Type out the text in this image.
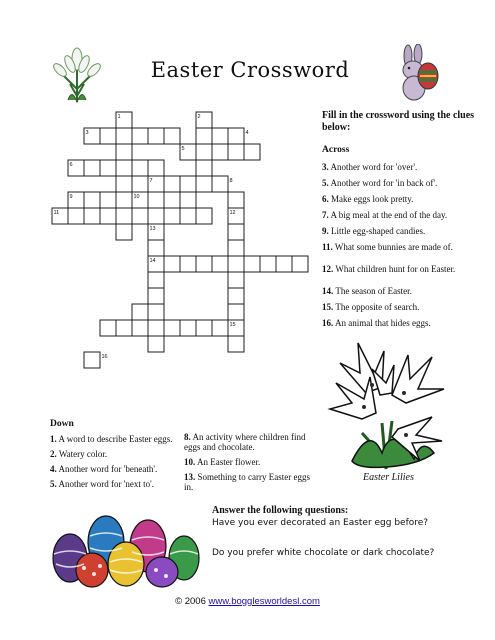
Easter Crossword
1	2
3	4
5
6
7	8
9	10
11	12
13
14
15
16
Fill in the crossword using the clues below:
Across
3. Another word for 'over'.
5. Another word for 'in back of'.
6. Make eggs look pretty.
7. A big meal at the end of the day.
9. Little egg-shaped candies.
11. What some bunnies are made of.
12. What children hunt for on Easter.
14. The season of Easter.
15. The opposite of search.
16. An animal that hides eggs.
Easter Lilies
Down
1. A word to describe Easter eggs.
2. Watery color.
4. Another word for 'beneath'.
5. Another word for 'next to'.
8. An activity where children find eggs and chocolate.
10. An Easter flower.
13. Something to carry Easter eggs in.
Answer the following questions:
Have you ever decorated an Easter egg before?
Do you prefer white chocolate or dark chocolate?
© 2006 www.bogglesworldesl.com
